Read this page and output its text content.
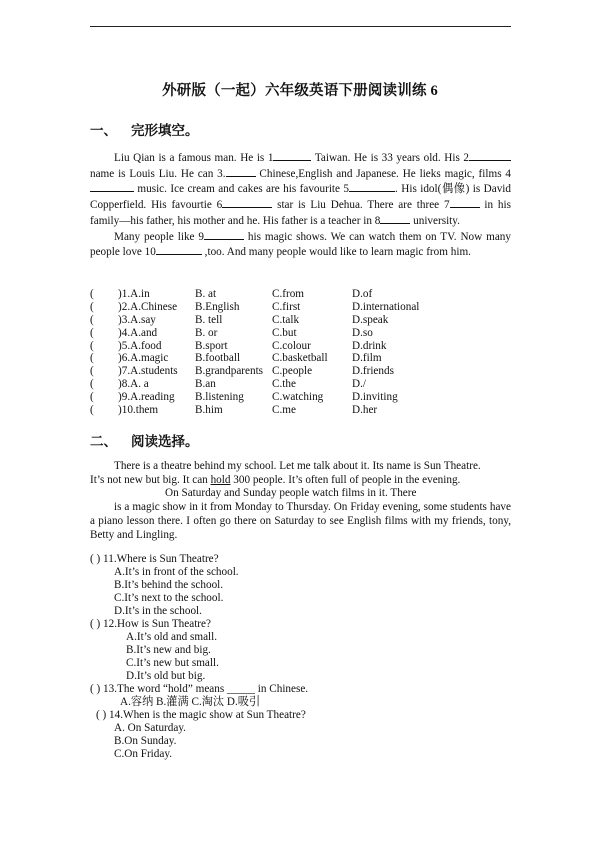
外研版（一起）六年级英语下册阅读训练 6
一、 完形填空。

Liu Qian is a famous man. He is 1	Taiwan. He is 33 years old. His 2 name is Louis Liu. He can 3.	Chinese,English and Japanese. He lieks magic, films 4 music. Ice cream and cakes are his favourite 5	. His idol(偶像) is David Copperfield. His favourtie 6	star is Liu Dehua. There are three 7	in his family—his father, his mother and he. His father is a teacher in 8	university.

Many people like 9	his magic shows. We can watch them on TV. Now many people love 10	,too. And many people would like to learn magic from him.

( )1.A.in	B. at	C.from	D.of
( )2.A.Chinese B.English	C.first	D.international
( )3.A.say	B. tell	C.talk	D.speak
( )4.A.and	B. or	C.but	D.so
( )5.A.food	B.sport	C.colour	D.drink
( )6.A.magic B.football	C.basketball D.film
( )7.A.students B.grandparents C.people	D.friends
( )8.A. a	B.an	C.the	D./
( )9.A.reading B.listening	C.watching	D.inviting
( )10.them	B.him	C.me	D.her
二、 阅读选择。

There is a theatre behind my school. Let me talk about it. Its name is Sun Theatre.

It’s not new but big. It can hold 300 people. It’s often full of people in the evening.

On Saturday and Sunday people watch films in it. There

is a magic show in it from Monday to Thursday. On Friday evening, some students have a piano lesson there. I often go there on Saturday to see English films with my friends, tony, Betty and Lingling.

( ) 11.Where is Sun Theatre?
A.It’s in front of the school.
B.It’s behind the school.
C.It’s next to the school.
D.It’s in the school.
( ) 12.How is Sun Theatre?
A.It’s old and small.
B.It’s new and big.
C.It’s new but small.
D.It’s old but big.
( ) 13.The word “hold” means _____ in Chinese.
A.容纳 B.灌满 C.淘汰 D.吸引
( ) 14.When is the magic show at Sun Theatre?
A. On Saturday.
B.On Sunday.
C.On Friday.
